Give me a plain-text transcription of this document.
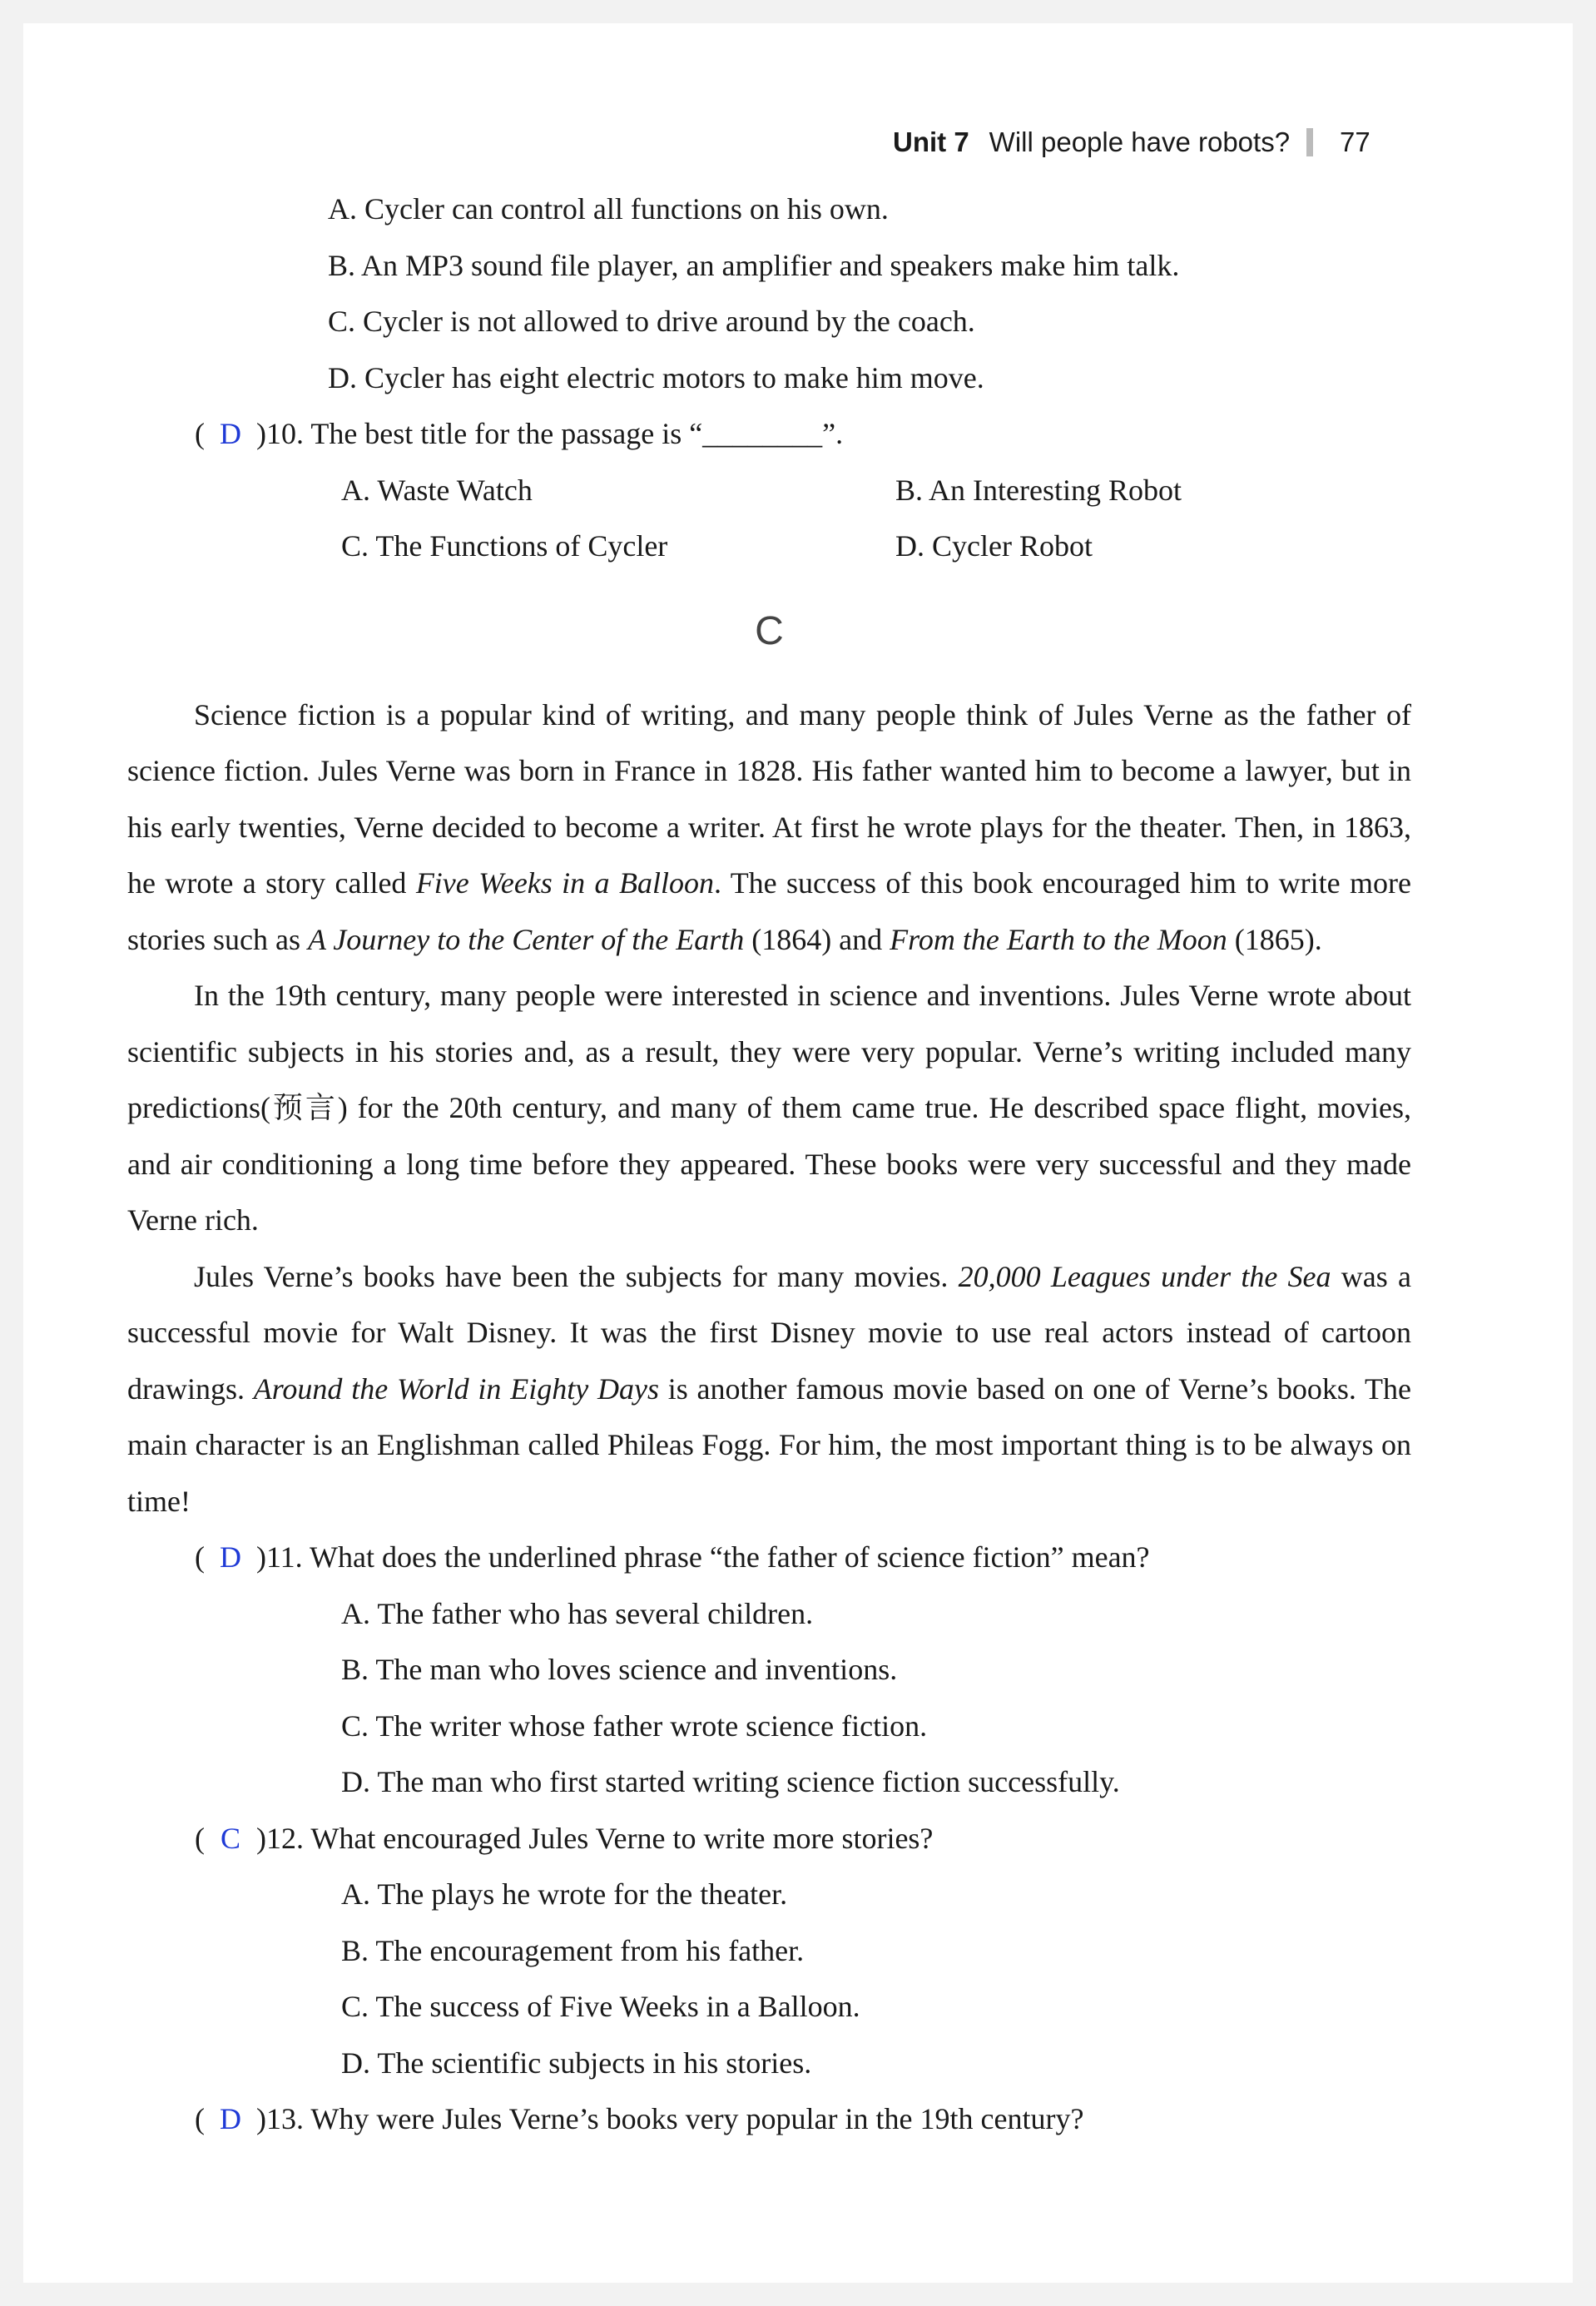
Unit 7 Will people have robots? 77
A. Cycler can control all functions on his own.
B. An MP3 sound file player, an amplifier and speakers make him talk.
C. Cycler is not allowed to drive around by the coach.
D. Cycler has eight electric motors to make him move.
( D )10. The best title for the passage is “________”.
A. Waste Watch	B. An Interesting Robot
C. The Functions of Cycler	D. Cycler Robot
C
Science fiction is a popular kind of writing, and many people think of Jules Verne as the father of science fiction. Jules Verne was born in France in 1828. His father wanted him to become a lawyer, but in his early twenties, Verne decided to become a writer. At first he wrote plays for the theater. Then, in 1863, he wrote a story called Five Weeks in a Balloon. The success of this book encouraged him to write more stories such as A Journey to the Center of the Earth (1864) and From the Earth to the Moon (1865).
In the 19th century, many people were interested in science and inventions. Jules Verne wrote about scientific subjects in his stories and, as a result, they were very popular. Verne’s writing included many predictions(预言) for the 20th century, and many of them came true. He described space flight, movies, and air conditioning a long time before they appeared. These books were very successful and they made Verne rich.
Jules Verne’s books have been the subjects for many movies. 20,000 Leagues under the Sea was a successful movie for Walt Disney. It was the first Disney movie to use real actors instead of cartoon drawings. Around the World in Eighty Days is another famous movie based on one of Verne’s books. The main character is an Englishman called Phileas Fogg. For him, the most important thing is to be always on time!
( D )11. What does the underlined phrase “the father of science fiction” mean?
A. The father who has several children.
B. The man who loves science and inventions.
C. The writer whose father wrote science fiction.
D. The man who first started writing science fiction successfully.
( C )12. What encouraged Jules Verne to write more stories?
A. The plays he wrote for the theater.
B. The encouragement from his father.
C. The success of Five Weeks in a Balloon.
D. The scientific subjects in his stories.
( D )13. Why were Jules Verne’s books very popular in the 19th century?
